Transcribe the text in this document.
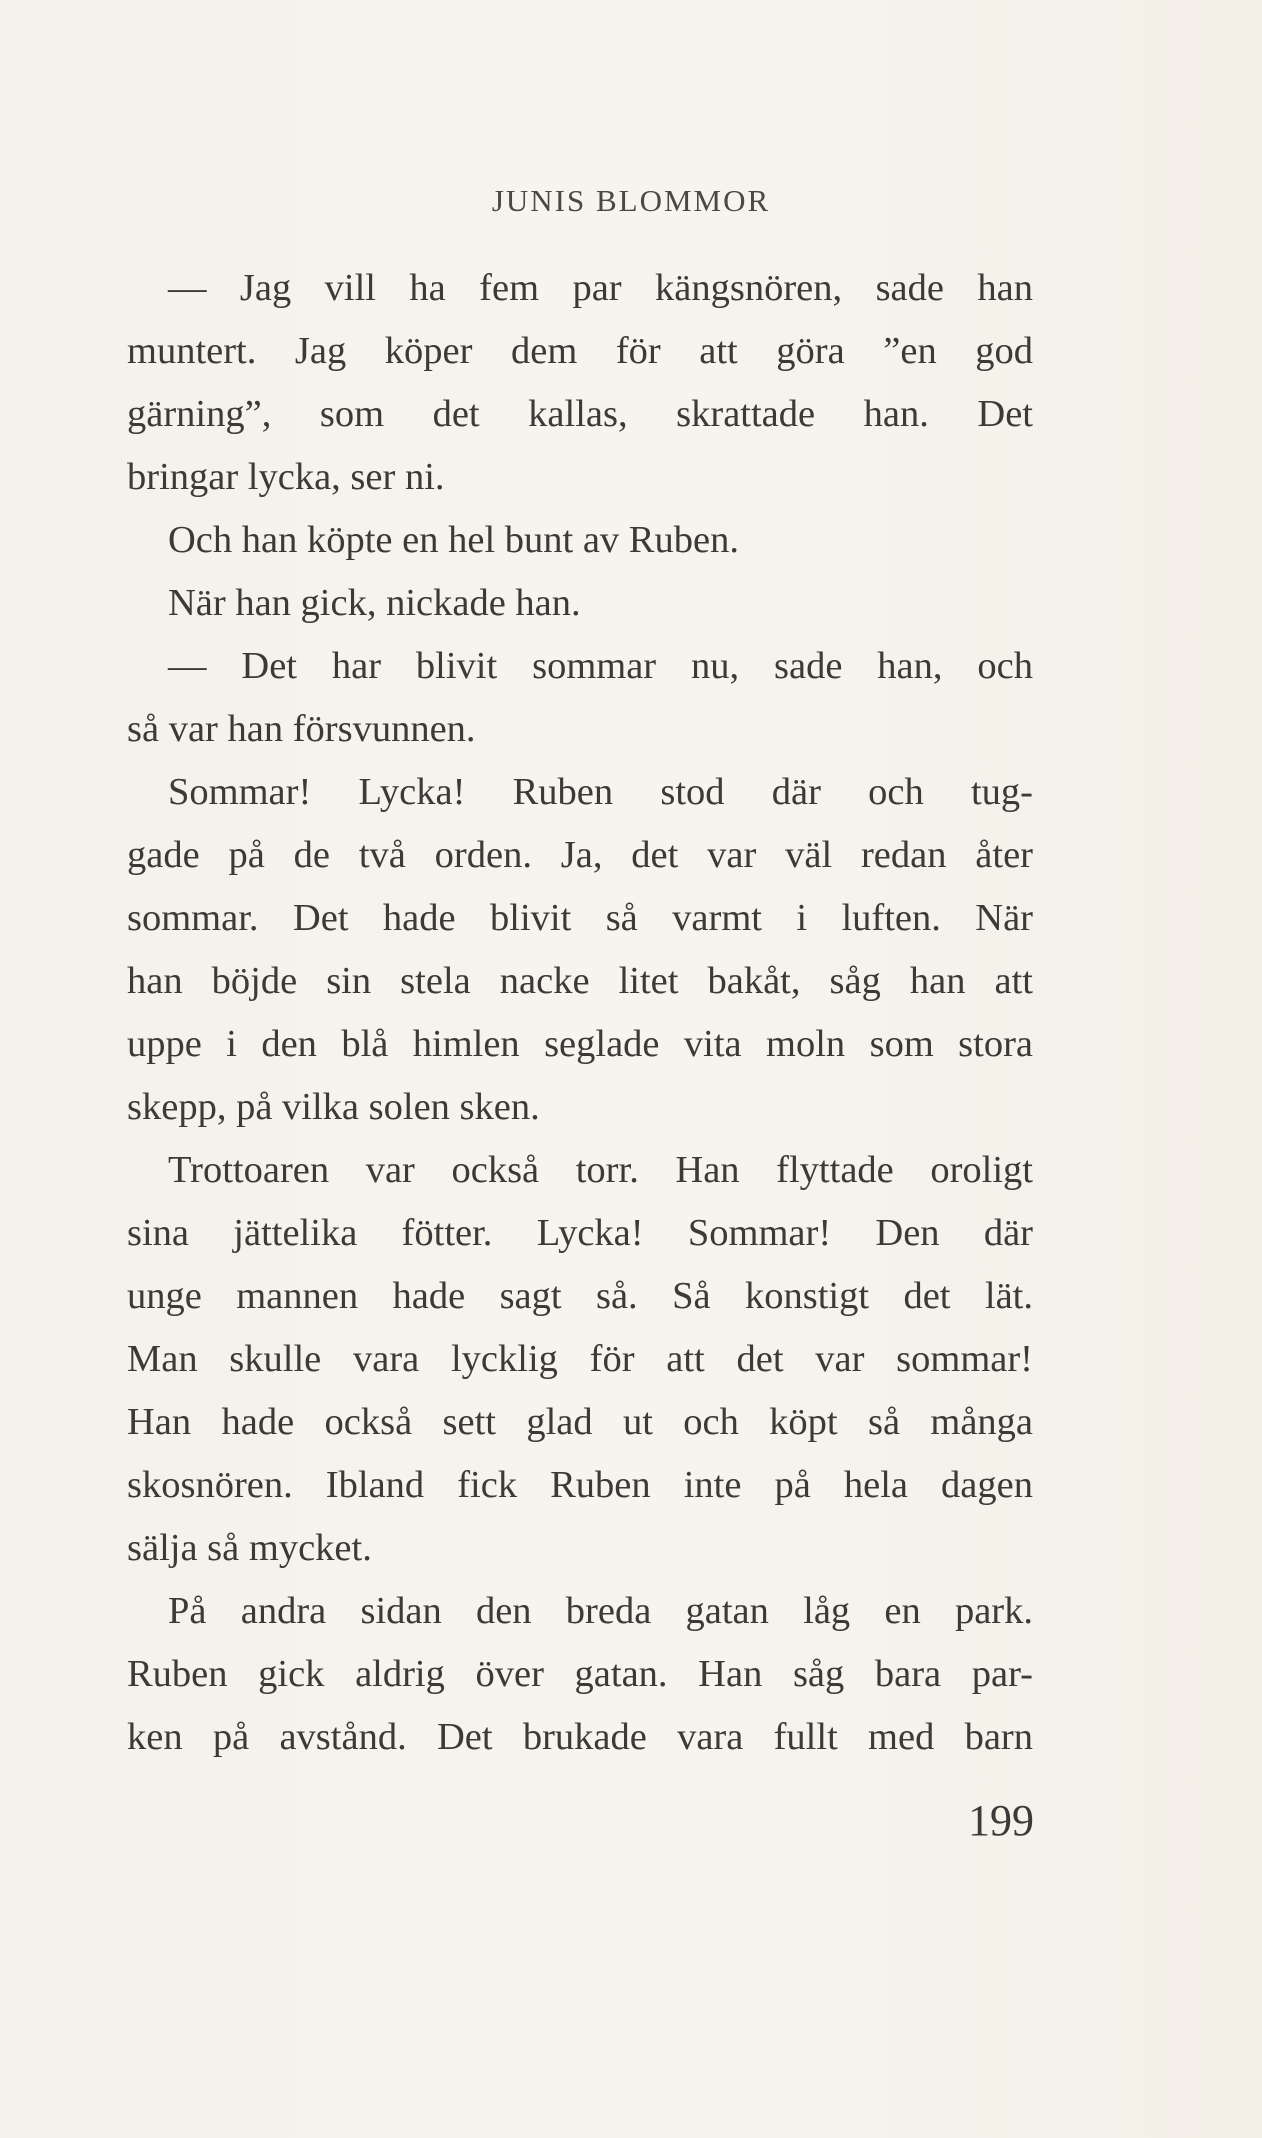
JUNIS BLOMMOR
— Jag vill ha fem par kängsnören, sade han
muntert. Jag köper dem för att göra ”en god
gärning”, som det kallas, skrattade han. Det
bringar lycka, ser ni.
Och han köpte en hel bunt av Ruben.
När han gick, nickade han.
— Det har blivit sommar nu, sade han, och
så var han försvunnen.
Sommar! Lycka! Ruben stod där och tug-
gade på de två orden. Ja, det var väl redan åter
sommar. Det hade blivit så varmt i luften. När
han böjde sin stela nacke litet bakåt, såg han att
uppe i den blå himlen seglade vita moln som stora
skepp, på vilka solen sken.
Trottoaren var också torr. Han flyttade oroligt
sina jättelika fötter. Lycka! Sommar! Den där
unge mannen hade sagt så. Så konstigt det lät.
Man skulle vara lycklig för att det var sommar!
Han hade också sett glad ut och köpt så många
skosnören. Ibland fick Ruben inte på hela dagen
sälja så mycket.
På andra sidan den breda gatan låg en park.
Ruben gick aldrig över gatan. Han såg bara par-
ken på avstånd. Det brukade vara fullt med barn
199
